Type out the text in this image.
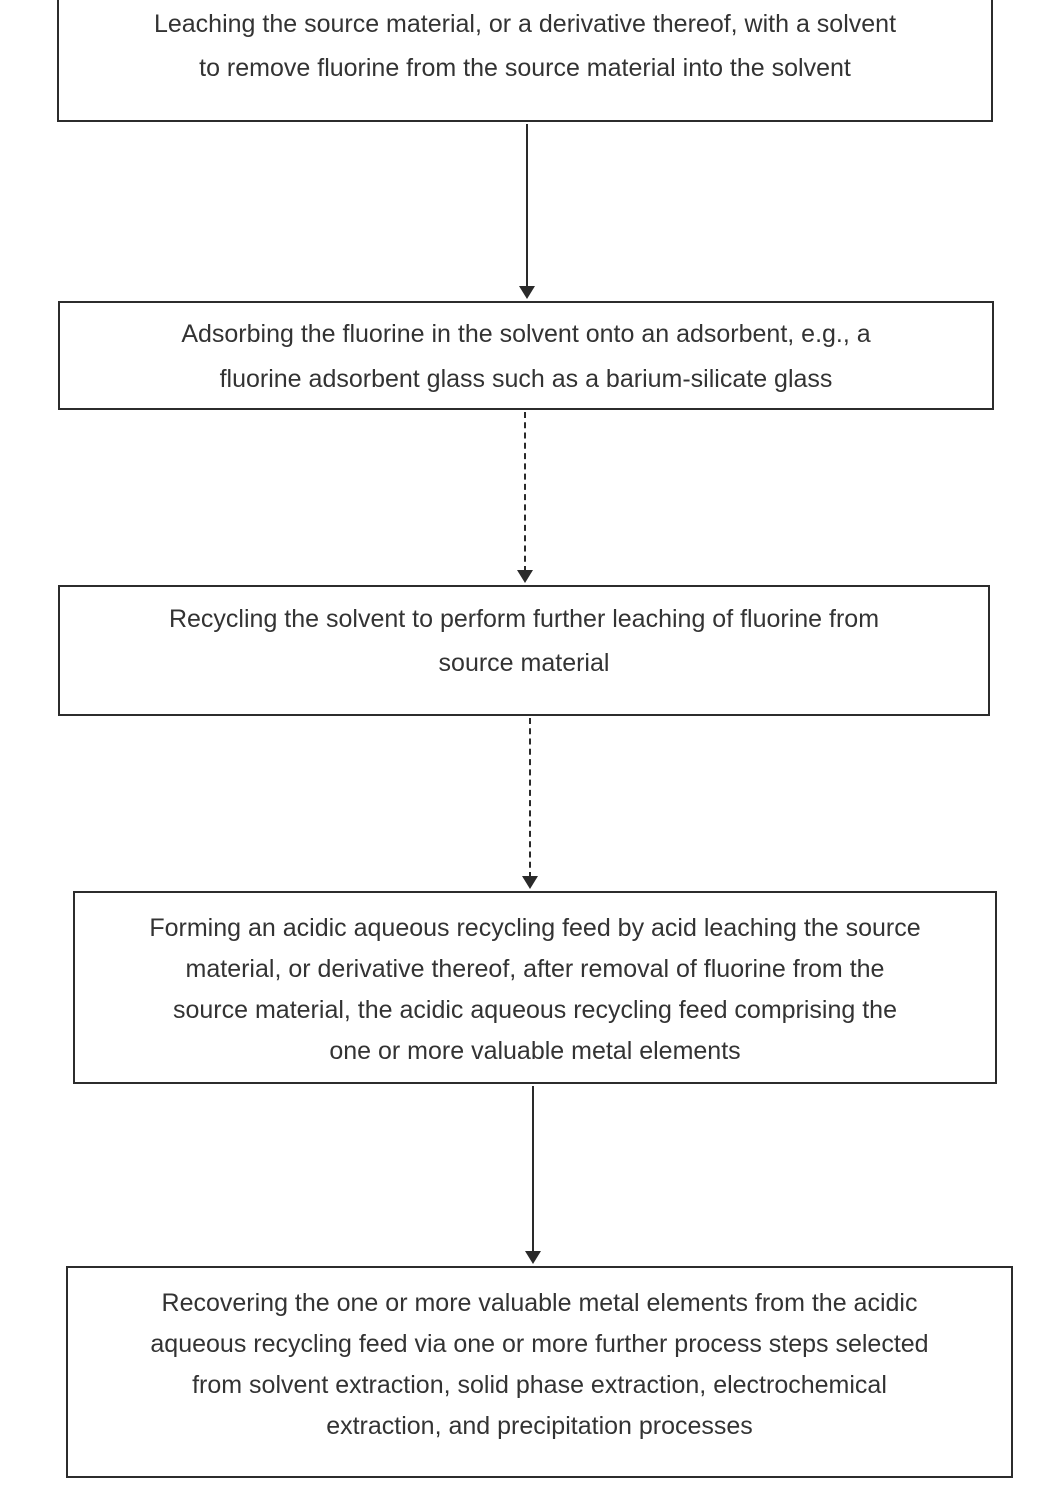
Leaching the source material, or a derivative thereof, with a solvent
to remove fluorine from the source material into the solvent
Adsorbing the fluorine in the solvent onto an adsorbent, e.g., a
fluorine adsorbent glass such as a barium-silicate glass
Recycling the solvent to perform further leaching of fluorine from
source material
Forming an acidic aqueous recycling feed by acid leaching the source
material, or derivative thereof, after removal of fluorine from the
source material, the acidic aqueous recycling feed comprising the
one or more valuable metal elements
Recovering the one or more valuable metal elements from the acidic
aqueous recycling feed via one or more further process steps selected
from solvent extraction, solid phase extraction, electrochemical
extraction, and precipitation processes
